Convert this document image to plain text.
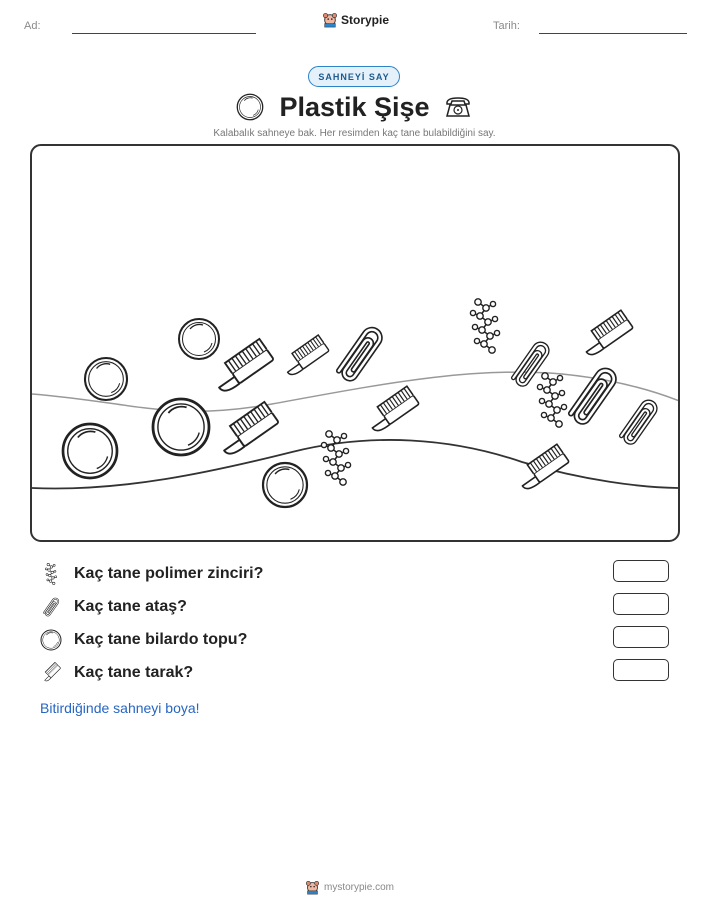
Ad:	Storypie	Tarih:
SAHNEYİ SAY
Plastik Şişe
Kalabalık sahneye bak. Her resimden kaç tane bulabildiğini say.
Kaç tane polimer zinciri?
Kaç tane ataş?
Kaç tane bilardo topu?
Kaç tane tarak?
Bitirdiğinde sahneyi boya!
mystorypie.com
